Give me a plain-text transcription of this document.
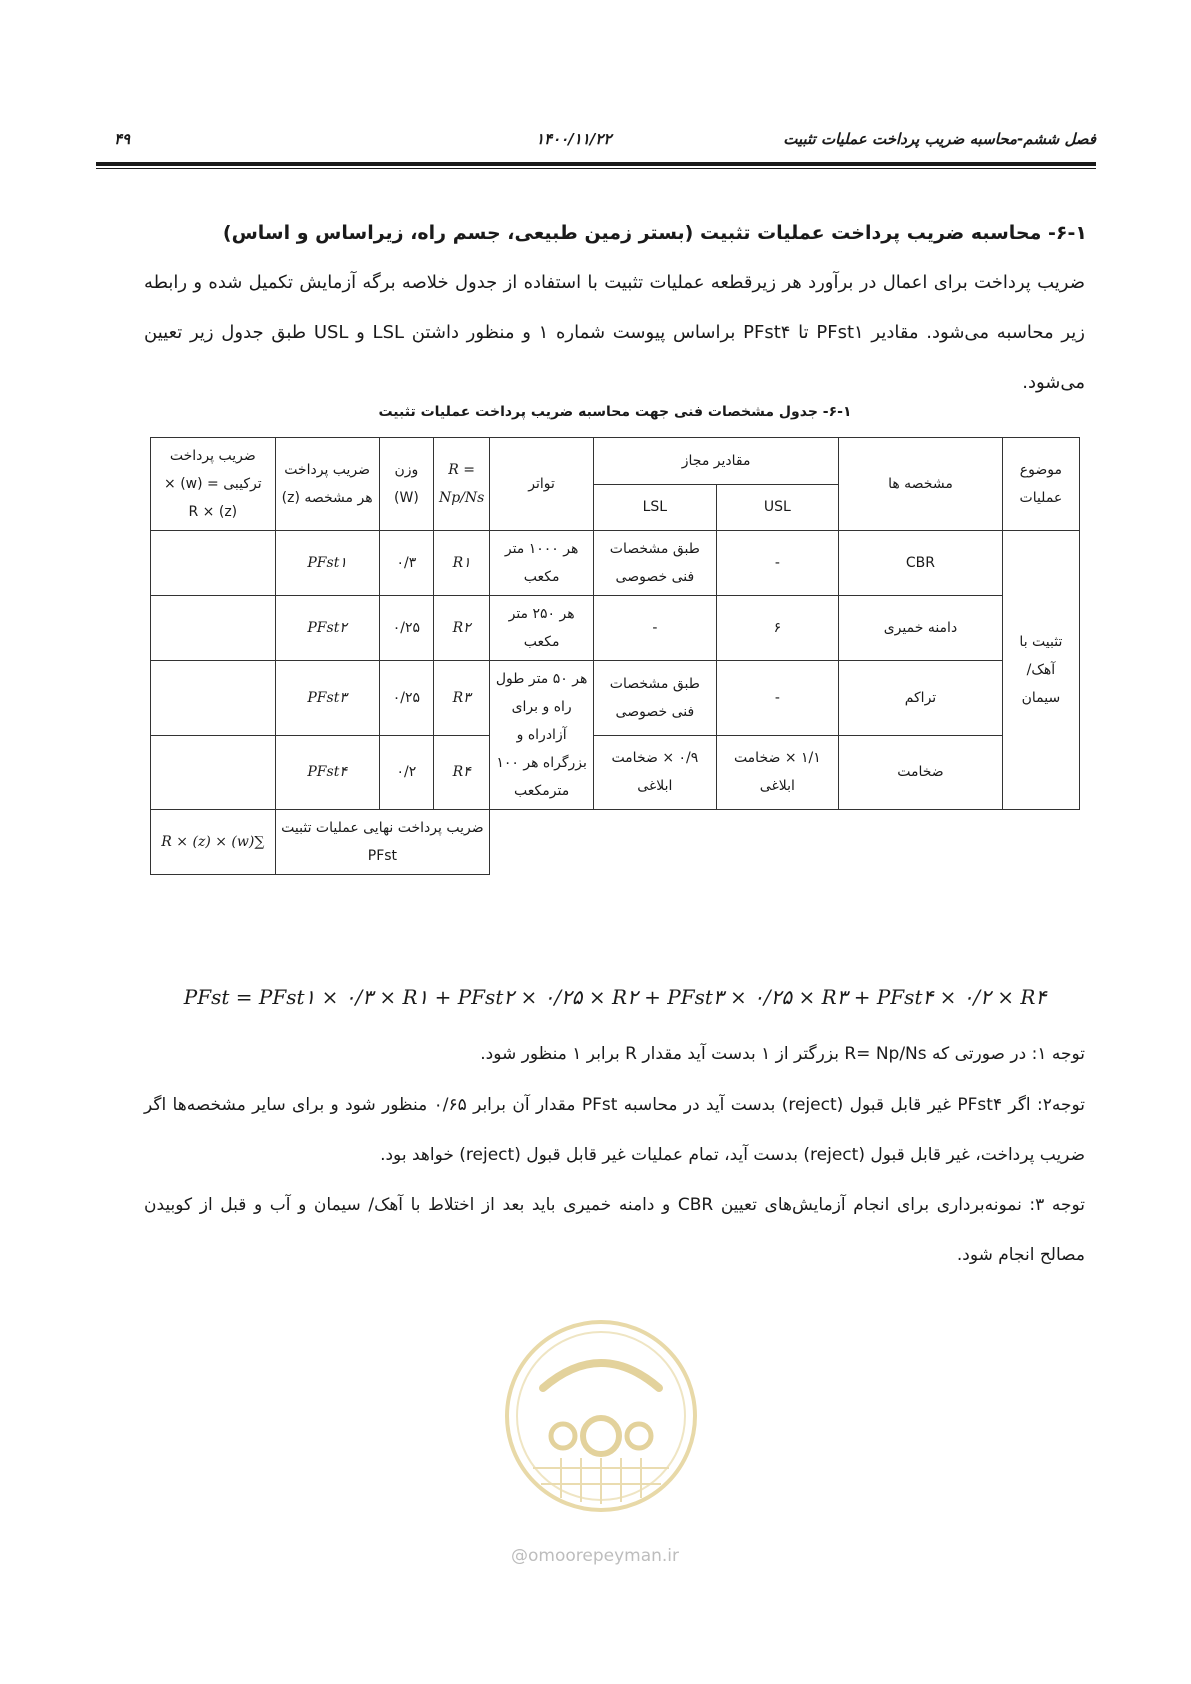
فصل ششم-محاسبه ضریب پرداخت عملیات تثبیت
۱۴۰۰/۱۱/۲۲
۴۹
۶-۱- محاسبه ضریب پرداخت عملیات تثبیت (بستر زمین طبیعی، جسم راه، زیراساس و اساس)
ضریب پرداخت برای اعمال در برآورد هر زیرقطعه عملیات تثبیت با استفاده از جدول خلاصه برگه آزمایش تکمیل شده و رابطه زیر محاسبه می‌شود. مقادیر PFst۱ تا PFst۴ براساس پیوست شماره ۱ و منظور داشتن LSL و USL طبق جدول زیر تعیین می‌شود.
۶-۱- جدول مشخصات فنی جهت محاسبه ضریب پرداخت عملیات تثبیت
موضوع عملیات	مشخصه ها	مقادیر مجاز		تواتر	R = Np/Ns	وزن (W)	ضریب پرداخت هر مشخصه (z)	ضریب پرداخت ترکیبی = (w) × (z) × R
		USL	LSL					
تثبیت با آهک/ سیمان	CBR	-	طبق مشخصات فنی خصوصی	هر ۱۰۰۰ متر مکعب	R۱	۰/۳	PFst۱	
	دامنه خمیری	۶	-	هر ۲۵۰ متر مکعب	R۲	۰/۲۵	PFst۲	
	تراکم	-	طبق مشخصات فنی خصوصی	هر ۵۰ متر طول راه و برای آزادراه و بزرگراه هر ۱۰۰ مترمکعب	R۳	۰/۲۵	PFst۳	
	ضخامت	۱/۱ × ضخامت ابلاغی	۰/۹ × ضخامت ابلاغی		R۴	۰/۲	PFst۴	
					ضریب پرداخت نهایی عملیات تثبیت PFst			∑(w) × (z) × R
PFst = PFst۱ × ۰/۳ × R۱ + PFst۲ × ۰/۲۵ × R۲ + PFst۳ × ۰/۲۵ × R۳ + PFst۴ × ۰/۲ × R۴
توجه ۱: در صورتی که R= Np/Ns بزرگتر از ۱ بدست آید مقدار R برابر ۱ منظور شود.
توجه۲: اگر PFst۴ غیر قابل قبول (reject) بدست آید در محاسبه PFst مقدار آن برابر ۰/۶۵ منظور شود و برای سایر مشخصه‌ها اگر ضریب پرداخت، غیر قابل قبول (reject) بدست آید، تمام عملیات غیر قابل قبول (reject) خواهد بود.
توجه ۳: نمونه‌برداری برای انجام آزمایش‌های تعیین CBR و دامنه خمیری باید بعد از اختلاط با آهک/ سیمان و آب و قبل از کوبیدن مصالح انجام شود.
@omoorepeyman.ir
